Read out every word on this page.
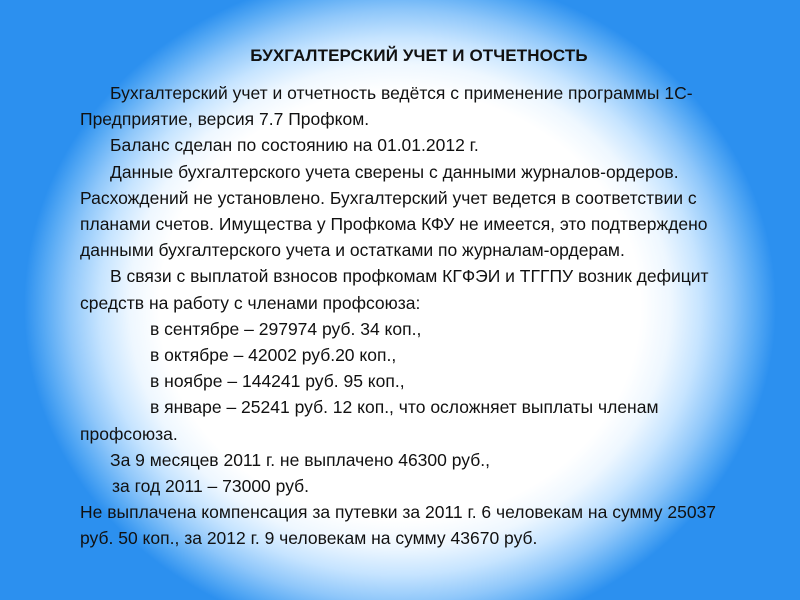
БУХГАЛТЕРСКИЙ УЧЕТ И ОТЧЕТНОСТЬ

Бухгалтерский учет и отчетность ведётся с применение программы 1С-Предприятие, версия 7.7 Профком.

Баланс сделан по состоянию на 01.01.2012 г.

Данные бухгалтерского учета сверены с данными журналов-ордеров. Расхождений не установлено. Бухгалтерский учет ведется в соответствии с планами счетов. Имущества у Профкома КФУ не имеется, это подтверждено данными бухгалтерского учета и остатками по журналам-ордерам.

В связи с выплатой взносов профкомам КГФЭИ и ТГГПУ возник дефицит средств на работу с членами профсоюза:

в сентябре – 297974 руб. 34 коп.,

в октябре – 42002 руб.20 коп.,

в ноябре – 144241 руб. 95 коп.,

в январе – 25241 руб. 12 коп., что осложняет выплаты членам профсоюза.

За 9 месяцев 2011 г. не выплачено 46300 руб.,

за год 2011 – 73000 руб.

Не выплачена компенсация за путевки за 2011 г. 6 человекам на сумму 25037 руб. 50 коп., за 2012 г. 9 человекам на сумму 43670 руб.
